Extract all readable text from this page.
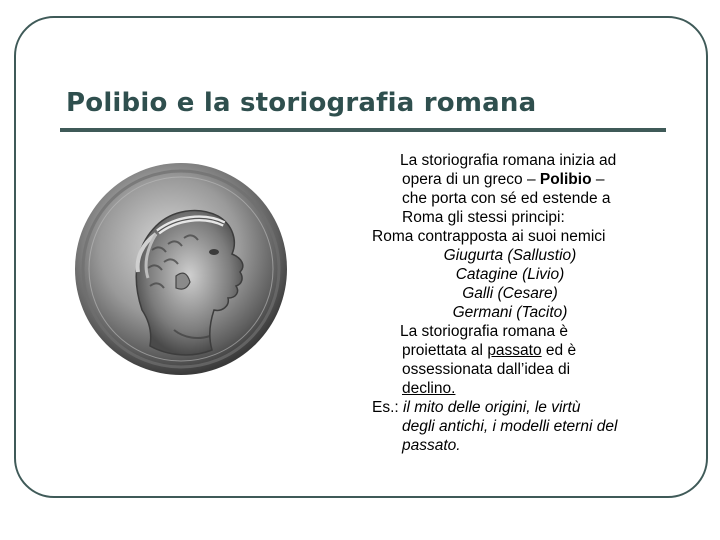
Polibio e la storiografia romana
La storiografia romana inizia ad
opera di un greco – Polibio –
che porta con sé ed estende a
Roma gli stessi principi:
Roma contrapposta ai suoi nemici
Giugurta (Sallustio)
Catagine (Livio)
Galli (Cesare)
Germani (Tacito)
La storiografia romana è
proiettata al passato ed è
ossessionata dall’idea di
declino.
Es.: il mito delle origini, le virtù
degli antichi, i modelli eterni del
passato.
